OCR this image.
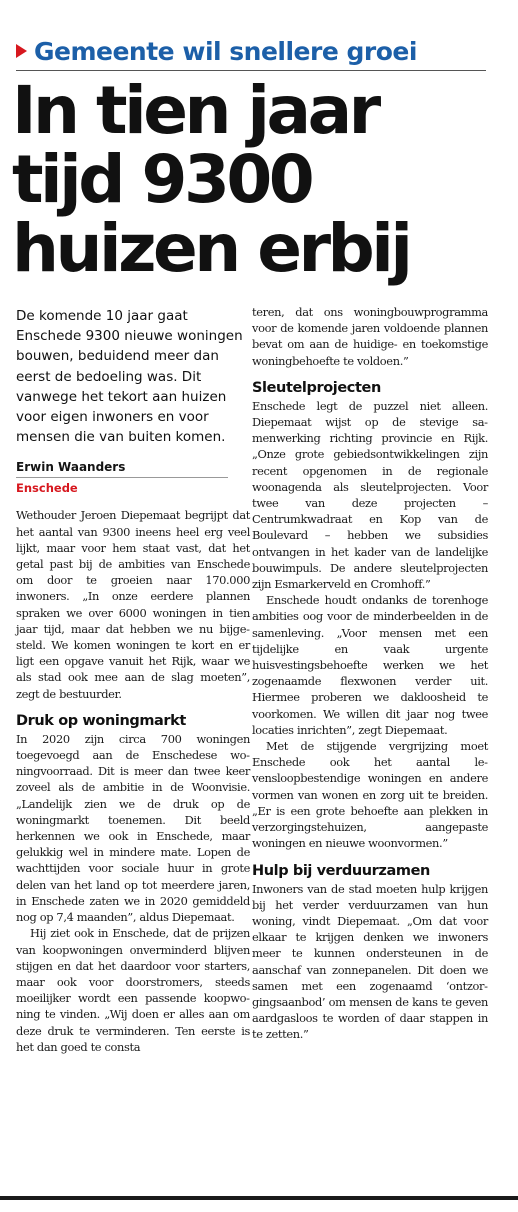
Gemeente wil snellere groei
In tien jaar
tijd 9300
huizen erbij

De komende 10 jaar gaat Enschede 9300 nieuwe woningen bouwen, beduidend meer dan eerst de bedoeling was. Dit vanwege het tekort aan huizen voor eigen inwoners en voor mensen die van buiten komen.

Erwin Waanders
Enschede

Wethouder Jeroen Diepemaat begrijpt dat het aantal van 9300 ineens heel erg veel lijkt, maar voor hem staat vast, dat het getal past bij de ambities van Enschede om door te groeien naar 170.000 inwoners. „In onze eerdere plannen spraken we over 6000 woningen in tien jaar tijd, maar dat hebben we nu bijgesteld. We komen woningen te kort en er ligt een opgave vanuit het Rijk, waar we als stad ook mee aan de slag moeten”, zegt de bestuurder.

Druk op woningmarkt

In 2020 zijn circa 700 woningen toegevoegd aan de Enschedese woningvoorraad. Dit is meer dan twee keer zoveel als de ambitie in de Woonvisie. „Landelijk zien we de druk op de woningmarkt toenemen. Dit beeld herkennen we ook in Enschede, maar gelukkig wel in mindere mate. Lopen de wachttijden voor sociale huur in grote delen van het land op tot meerdere jaren, in Enschede zaten we in 2020 gemiddeld nog op 7,4 maanden”, aldus Diepemaat.

Hij ziet ook in Enschede, dat de prijzen van koopwoningen onverminderd blijven stijgen en dat het daardoor voor starters, maar ook voor doorstromers, steeds moeilijker wordt een passende koopwoning te vinden. „Wij doen er alles aan om deze druk te verminderen. Ten eerste is het dan goed te consta

teren, dat ons woningbouwprogramma voor de komende jaren voldoende plannen bevat om aan de huidige- en toekomstige woningbehoefte te voldoen.”

Sleutelprojecten

Enschede legt de puzzel niet alleen. Diepemaat wijst op de stevige samenwerking richting provincie en Rijk. „Onze grote gebiedsontwikkelingen zijn recent opgenomen in de regionale woonagenda als sleutelprojecten. Voor twee van deze projecten – Centrumkwadraat en Kop van de Boulevard – hebben we subsidies ontvangen in het kader van de landelijke bouwimpuls. De andere sleutelprojecten zijn Esmarkerveld en Cromhoff.”

Enschede houdt ondanks de torenhoge ambities oog voor de minderbeelden in de samenleving. „Voor mensen met een tijdelijke en vaak urgente huisvestingsbehoefte werken we het zogenaamde flexwonen verder uit. Hiermee proberen we dakloosheid te voorkomen. We willen dit jaar nog twee locaties inrichten”, zegt Diepemaat.

Met de stijgende vergrijzing moet Enschede ook het aantal levensloopbestendige woningen en andere vormen van wonen en zorg uit te breiden. „Er is een grote behoefte aan plekken in verzorgingstehuizen, aangepaste woningen en nieuwe woonvormen.”

Hulp bij verduurzamen

Inwoners van de stad moeten hulp krijgen bij het verder verduurzamen van hun woning, vindt Diepemaat. „Om dat voor elkaar te krijgen denken we inwoners meer te kunnen ondersteunen in de aanschaf van zonnepanelen. Dit doen we samen met een zogenaamd ‘ontzorgingsaanbod’ om mensen de kans te geven aardgasloos te worden of daar stappen in te zetten.”
